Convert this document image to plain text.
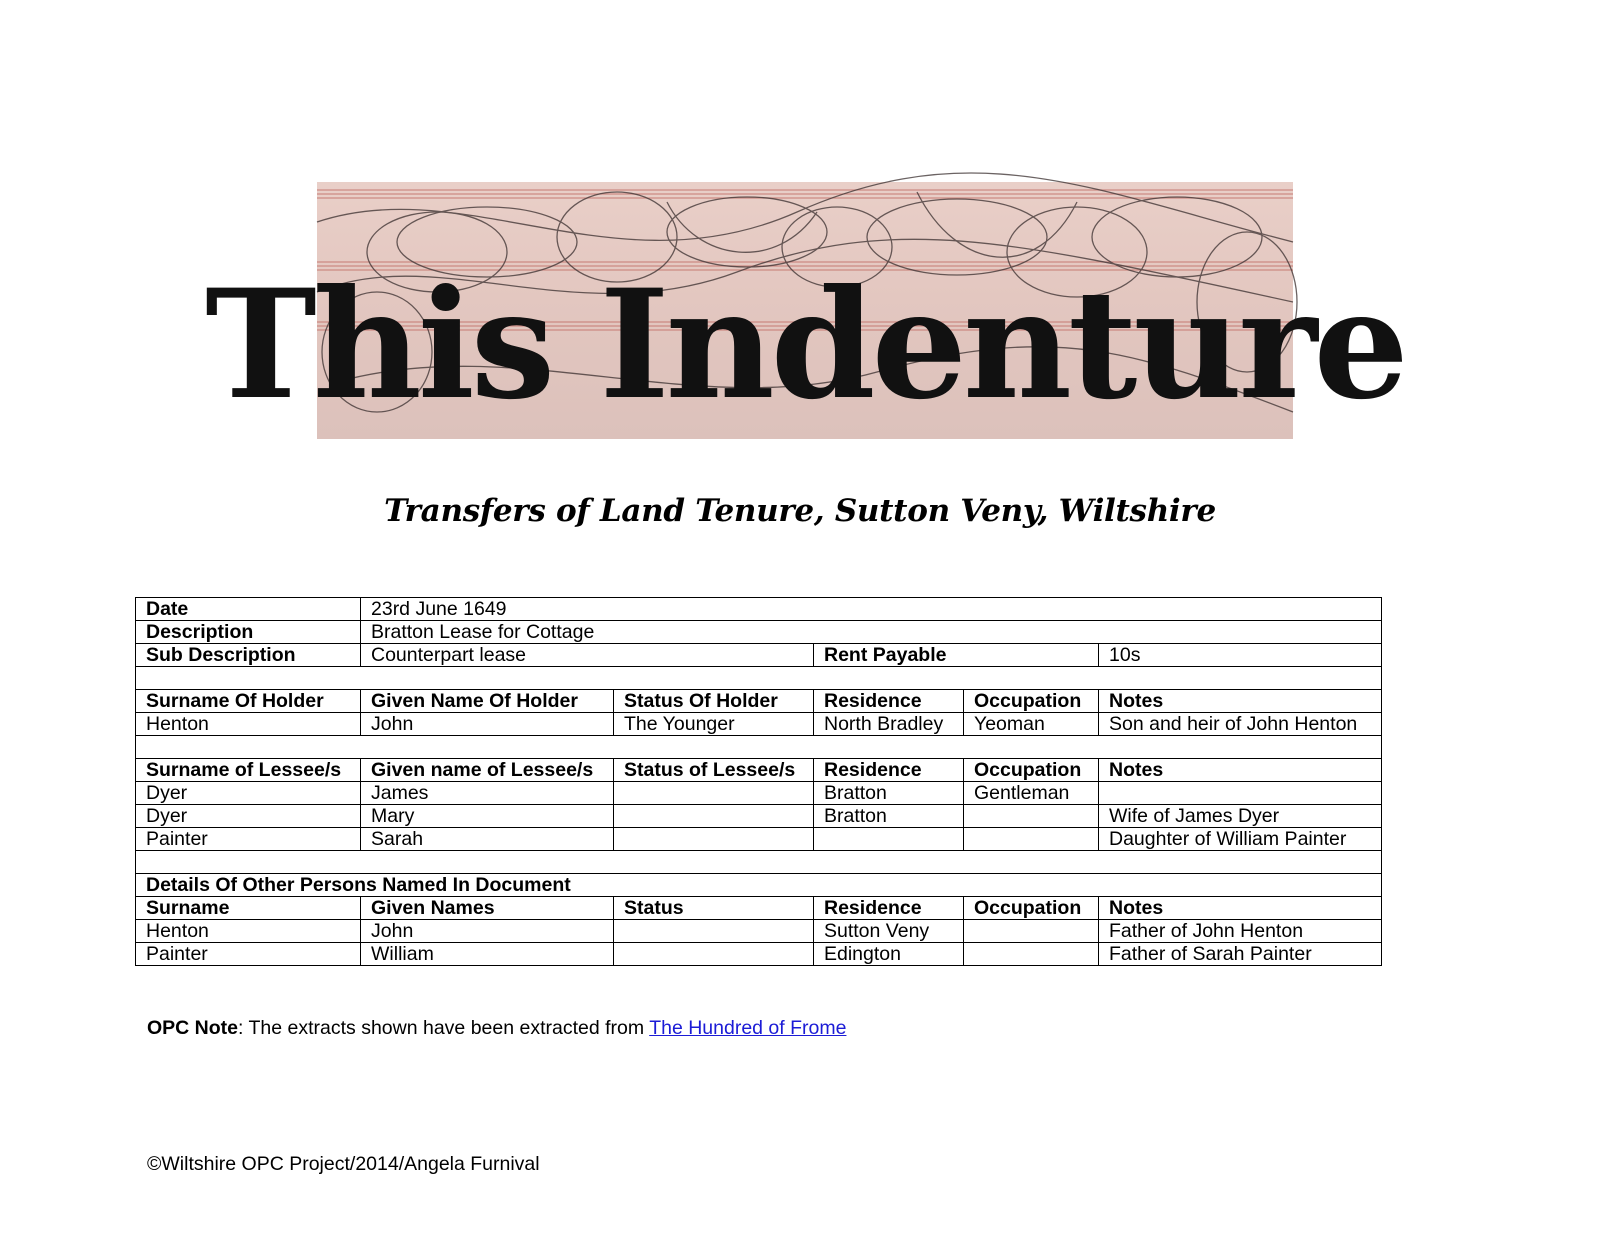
This Indenture
Transfers of Land Tenure, Sutton Veny, Wiltshire
Date	23rd June 1649				
Description	Bratton Lease for Cottage				
Sub Description	Counterpart lease		Rent Payable		10s

Surname Of Holder	Given Name Of Holder	Status Of Holder	Residence	Occupation	Notes
Henton	John	The Younger	North Bradley	Yeoman	Son and heir of John Henton

Surname of Lessee/s	Given name of Lessee/s	Status of Lessee/s	Residence	Occupation	Notes
Dyer	James		Bratton	Gentleman	
Dyer	Mary		Bratton		Wife of James Dyer
Painter	Sarah				Daughter of William Painter

Details Of Other Persons Named In Document					
Surname	Given Names	Status	Residence	Occupation	Notes
Henton	John		Sutton Veny		Father of John Henton
Painter	William		Edington		Father of Sarah Painter
OPC Note: The extracts shown have been extracted from The Hundred of Frome
©Wiltshire OPC Project/2014/Angela Furnival
